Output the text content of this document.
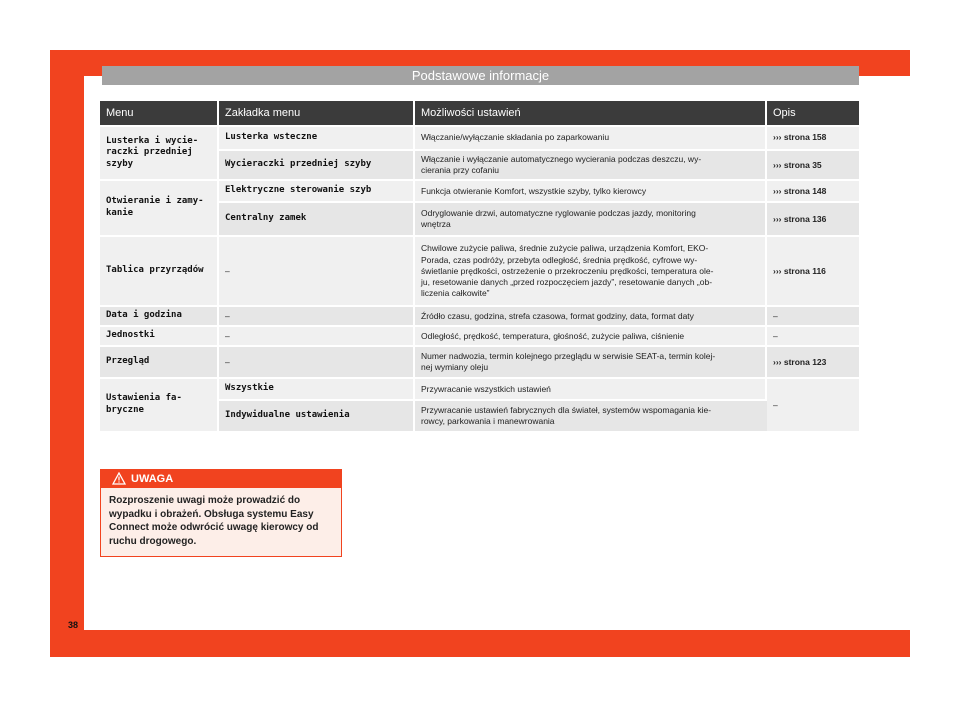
Podstawowe informacje
Menu	Zakładka menu	Możliwości ustawień	Opis
Lusterka i wycie-
raczki przedniej
szyby	Lusterka wsteczne	Włączanie/wyłączanie składania po zaparkowaniu	››› strona 158
	Wycieraczki przedniej szyby	Włączanie i wyłączanie automatycznego wycierania podczas deszczu, wy-
cierania przy cofaniu	››› strona 35
Otwieranie i zamy-
kanie	Elektryczne sterowanie szyb	Funkcja otwieranie Komfort, wszystkie szyby, tylko kierowcy	››› strona 148
	Centralny zamek	Odryglowanie drzwi, automatyczne ryglowanie podczas jazdy, monitoring
wnętrza	››› strona 136
Tablica przyrządów	–	Chwilowe zużycie paliwa, średnie zużycie paliwa, urządzenia Komfort, EKO-
Porada, czas podróży, przebyta odległość, średnia prędkość, cyfrowe wy-
świetlanie prędkości, ostrzeżenie o przekroczeniu prędkości, temperatura ole-
ju, resetowanie danych „przed rozpoczęciem jazdy”, resetowanie danych „ob-
liczenia całkowite”	››› strona 116
Data i godzina	–	Źródło czasu, godzina, strefa czasowa, format godziny, data, format daty	–
Jednostki	–	Odległość, prędkość, temperatura, głośność, zużycie paliwa, ciśnienie	–
Przegląd	–	Numer nadwozia, termin kolejnego przeglądu w serwisie SEAT-a, termin kolej-
nej wymiany oleju	››› strona 123
Ustawienia fa-
bryczne	Wszystkie	Przywracanie wszystkich ustawień	–
	Indywidualne ustawienia	Przywracanie ustawień fabrycznych dla świateł, systemów wspomagania kie-
rowcy, parkowania i manewrowania	
UWAGA
Rozproszenie uwagi może prowadzić do wypadku i obrażeń. Obsługa systemu Easy Connect może odwrócić uwagę kierowcy od ruchu drogowego.
38
